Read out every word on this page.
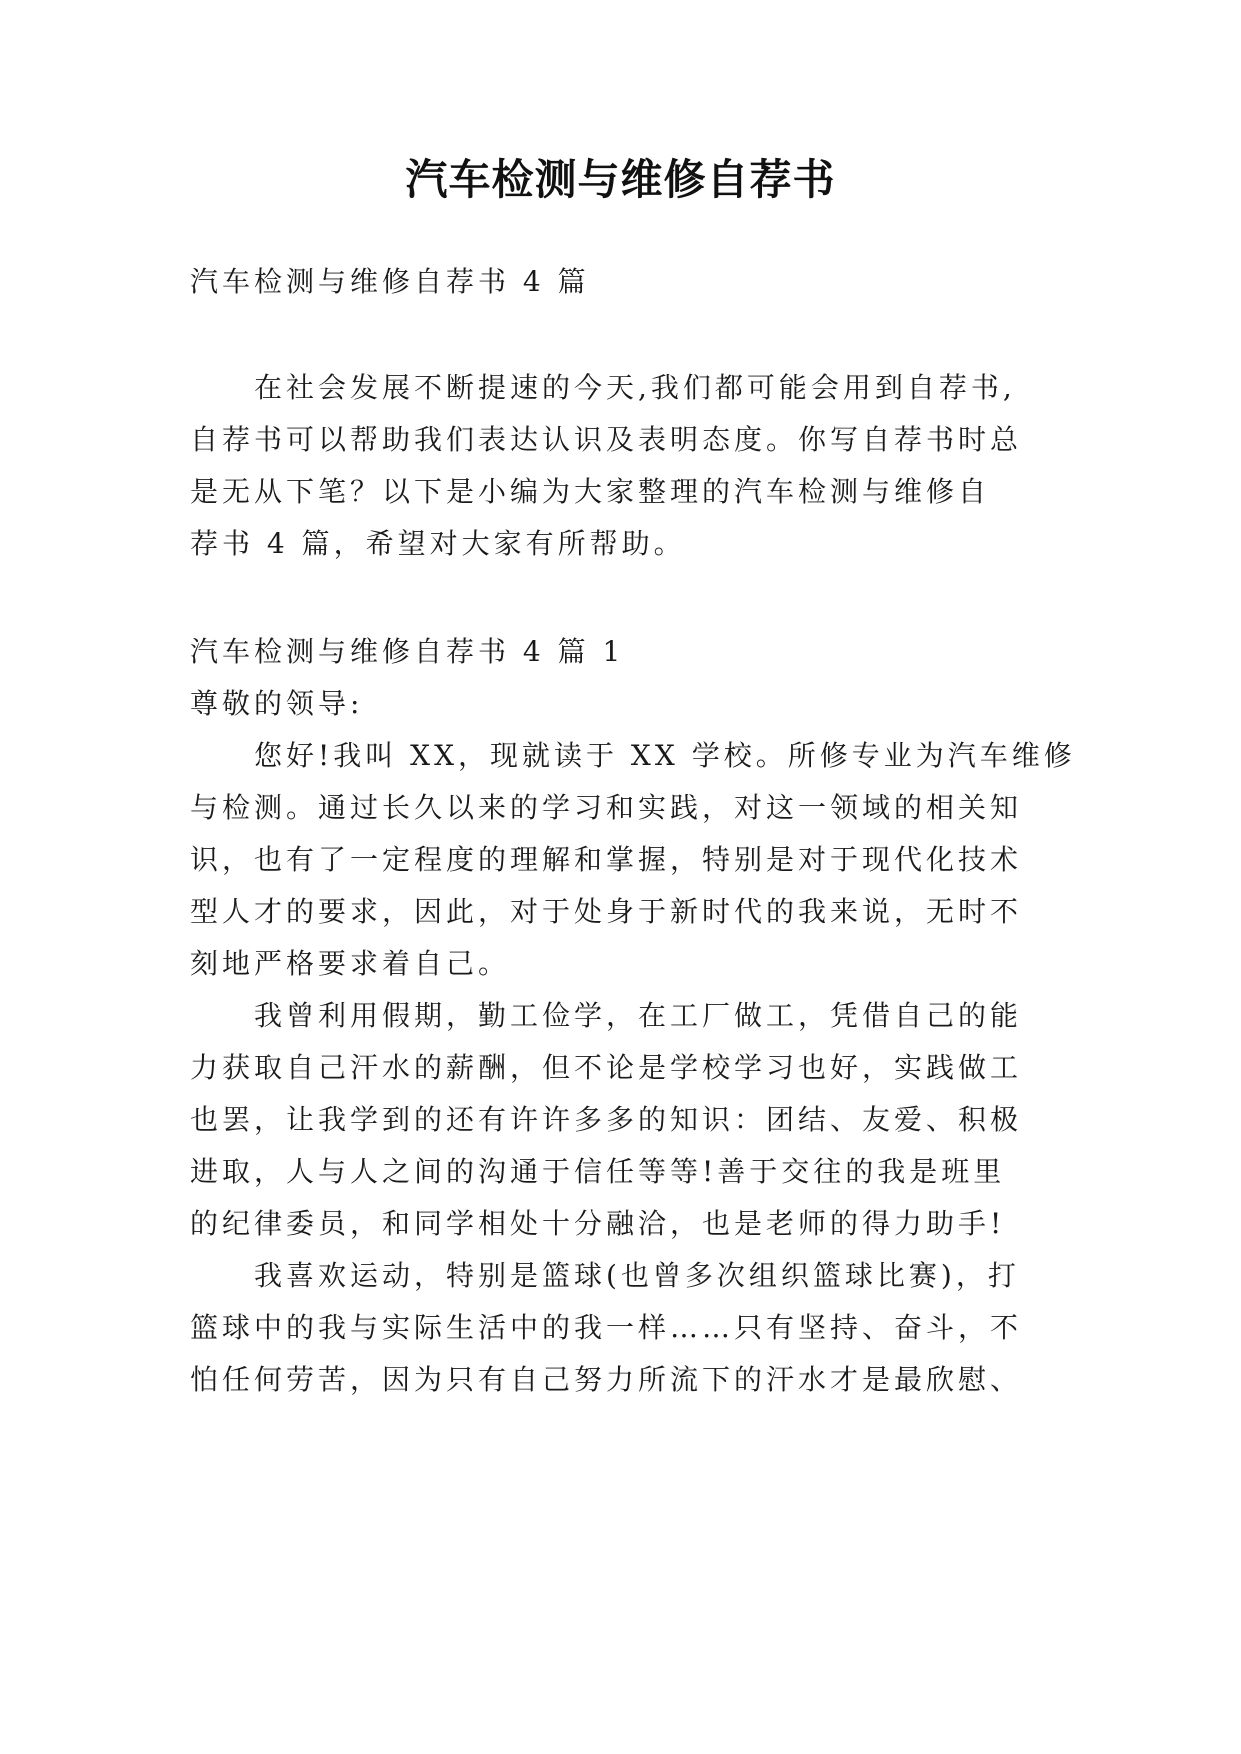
汽车检测与维修自荐书

汽车检测与维修自荐书 4 篇

在社会发展不断提速的今天,我们都可能会用到自荐书,

自荐书可以帮助我们表达认识及表明态度。你写自荐书时总

是无从下笔？以下是小编为大家整理的汽车检测与维修自

荐书 4 篇，希望对大家有所帮助。

汽车检测与维修自荐书 4 篇 1

尊敬的领导:

您好!我叫 XX，现就读于 XX 学校。所修专业为汽车维修

与检测。通过长久以来的学习和实践，对这一领域的相关知

识，也有了一定程度的理解和掌握，特别是对于现代化技术

型人才的要求，因此，对于处身于新时代的我来说，无时不

刻地严格要求着自己。

我曾利用假期，勤工俭学，在工厂做工，凭借自己的能

力获取自己汗水的薪酬，但不论是学校学习也好，实践做工

也罢，让我学到的还有许许多多的知识：团结、友爱、积极

进取，人与人之间的沟通于信任等等!善于交往的我是班里

的纪律委员，和同学相处十分融洽，也是老师的得力助手!

我喜欢运动，特别是篮球(也曾多次组织篮球比赛)，打

篮球中的我与实际生活中的我一样……只有坚持、奋斗，不

怕任何劳苦，因为只有自己努力所流下的汗水才是最欣慰、
